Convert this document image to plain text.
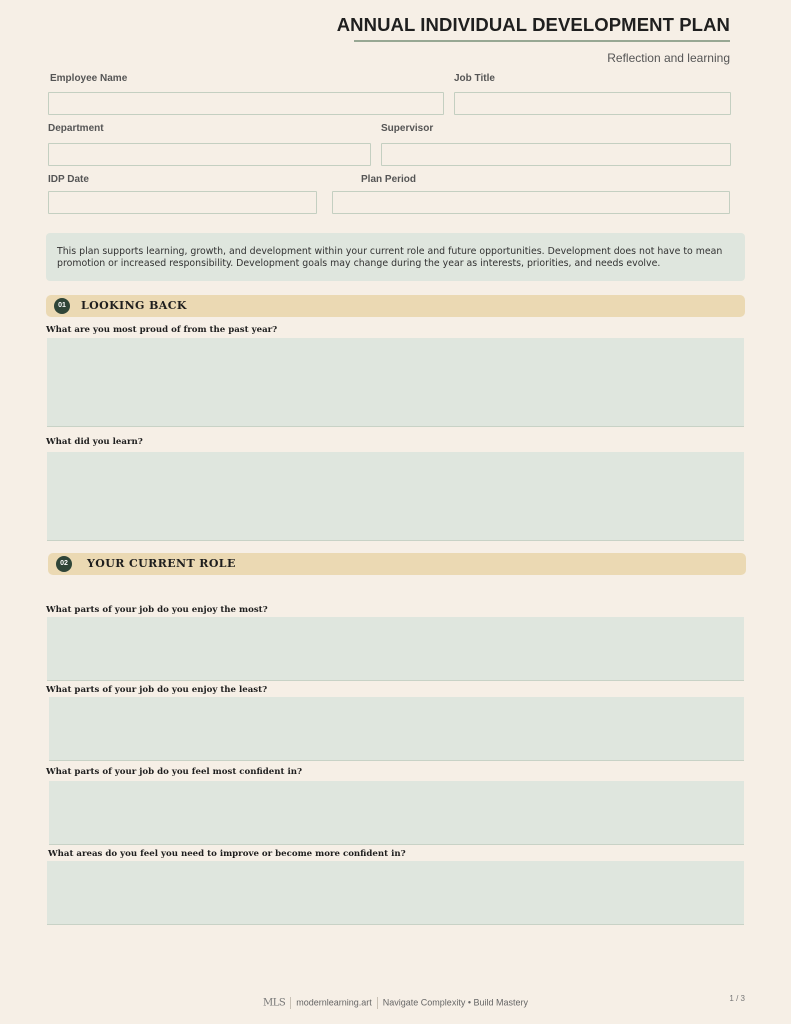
ANNUAL INDIVIDUAL DEVELOPMENT PLAN
Reflection and learning
Employee Name	Job Title
Department	Supervisor
IDP Date	Plan Period
This plan supports learning, growth, and development within your current role and future opportunities. Development does not have to mean promotion or increased responsibility. Development goals may change during the year as interests, priorities, and needs evolve.
01	LOOKING BACK
What are you most proud of from the past year?
What did you learn?
02	YOUR CURRENT ROLE
What parts of your job do you enjoy the most?
What parts of your job do you enjoy the least?
What parts of your job do you feel most confident in?
What areas do you feel you need to improve or become more confident in?
MLS modernlearning.art Navigate Complexity • Build Mastery	1 / 3
